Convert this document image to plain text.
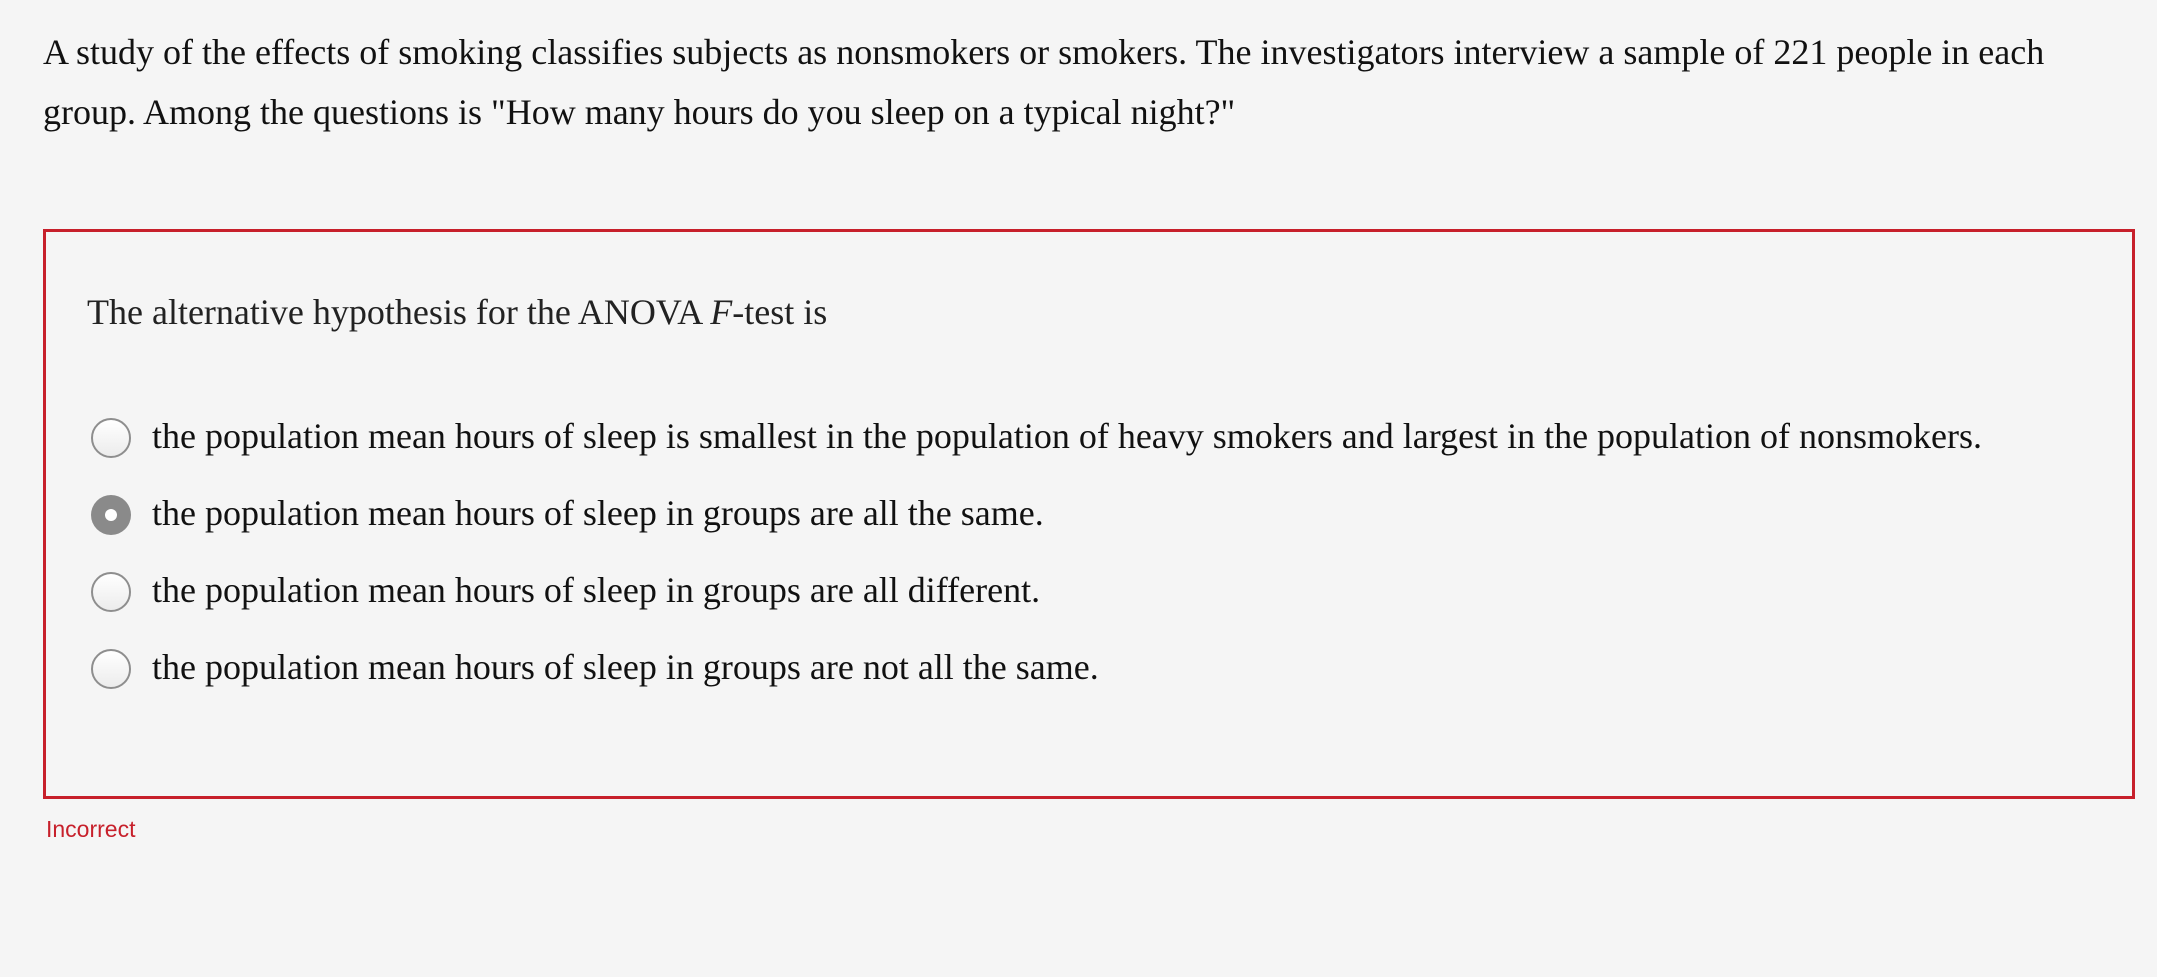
A study of the effects of smoking classifies subjects as nonsmokers or smokers. The investigators interview a sample of 221 people in each group. Among the questions is "How many hours do you sleep on a typical night?"

The alternative hypothesis for the ANOVA F-test is

the population mean hours of sleep is smallest in the population of heavy smokers and largest in the population of nonsmokers.
the population mean hours of sleep in groups are all the same.
the population mean hours of sleep in groups are all different.
the population mean hours of sleep in groups are not all the same.

Incorrect
